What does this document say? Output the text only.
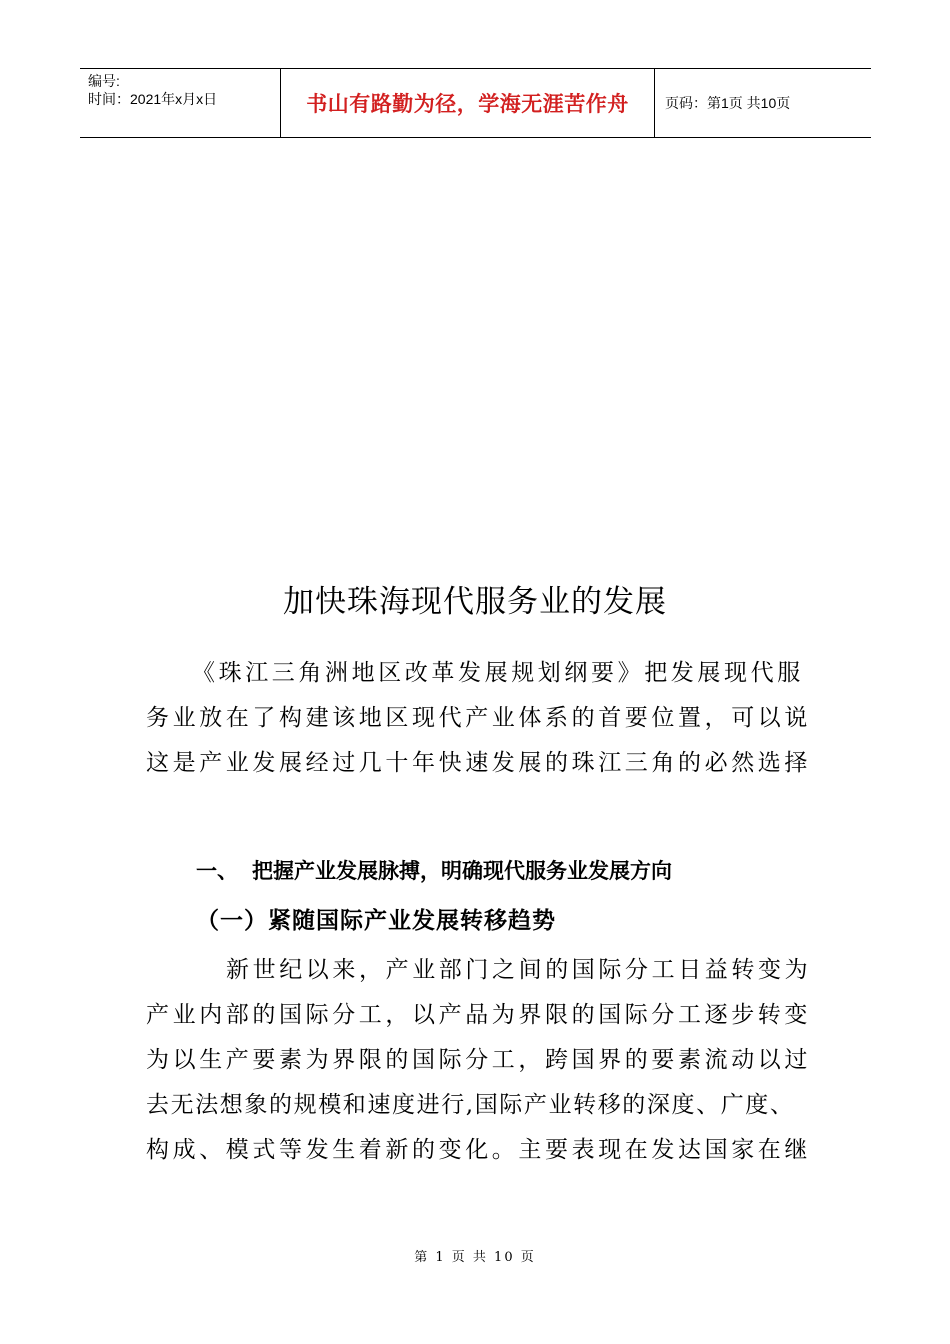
编号:
时间：2021年x月x日	书山有路勤为径，学海无涯苦作舟	页码：第1页 共10页
加快珠海现代服务业的发展
《珠江三角洲地区改革发展规划纲要》把发展现代服
务业放在了构建该地区现代产业体系的首要位置，可以说
这是产业发展经过几十年快速发展的珠江三角的必然选择
一、 把握产业发展脉搏，明确现代服务业发展方向
（一）紧随国际产业发展转移趋势
新世纪以来，产业部门之间的国际分工日益转变为
产业内部的国际分工，以产品为界限的国际分工逐步转变
为以生产要素为界限的国际分工，跨国界的要素流动以过
去无法想象的规模和速度进行,国际产业转移的深度、广度、
构成、模式等发生着新的变化。主要表现在发达国家在继
第 1 页 共 10 页
